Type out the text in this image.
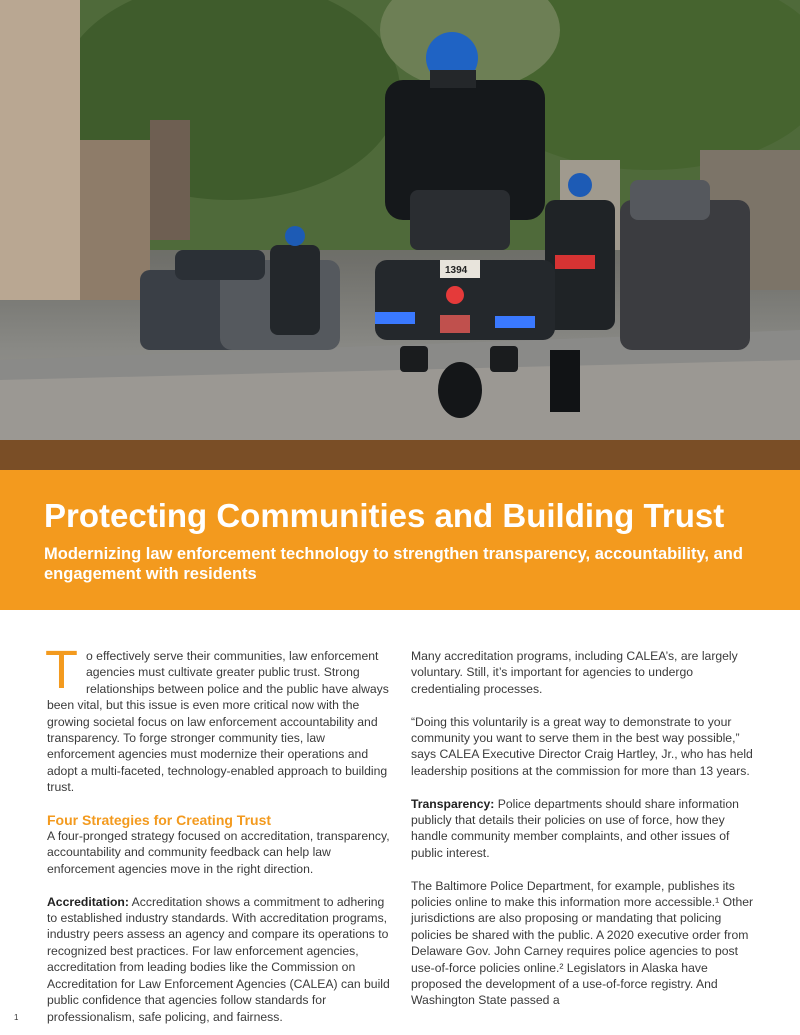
1394
Protecting Communities and Building Trust
Modernizing law enforcement technology to strengthen transparency, accountability, and engagement with residents

To effectively serve their communities, law enforcement agencies must cultivate greater public trust. Strong relationships between police and the public have always been vital, but this issue is even more critical now with the growing societal focus on law enforcement accountability and transparency. To forge stronger community ties, law enforcement agencies must modernize their operations and adopt a multi-faceted, technology-enabled approach to building trust.

Four Strategies for Creating Trust

A four-pronged strategy focused on accreditation, transparency, accountability and community feedback can help law enforcement agencies move in the right direction.

Accreditation: Accreditation shows a commitment to adhering to established industry standards. With accreditation programs, industry peers assess an agency and compare its operations to recognized best practices. For law enforcement agencies, accreditation from leading bodies like the Commission on Accreditation for Law Enforcement Agencies (CALEA) can build public confidence that agencies follow standards for professionalism, safe policing, and fairness.

Many accreditation programs, including CALEA’s, are largely voluntary. Still, it’s important for agencies to undergo credentialing processes.

“Doing this voluntarily is a great way to demonstrate to your community you want to serve them in the best way possible,” says CALEA Executive Director Craig Hartley, Jr., who has held leadership positions at the commission for more than 13 years.

Transparency: Police departments should share information publicly that details their policies on use of force, how they handle community member complaints, and other issues of public interest.

The Baltimore Police Department, for example, publishes its policies online to make this information more accessible.¹ Other jurisdictions are also proposing or mandating that policing policies be shared with the public. A 2020 executive order from Delaware Gov. John Carney requires police agencies to post use-of-force policies online.² Legislators in Alaska have proposed the development of a use-of-force registry. And Washington State passed a

1
